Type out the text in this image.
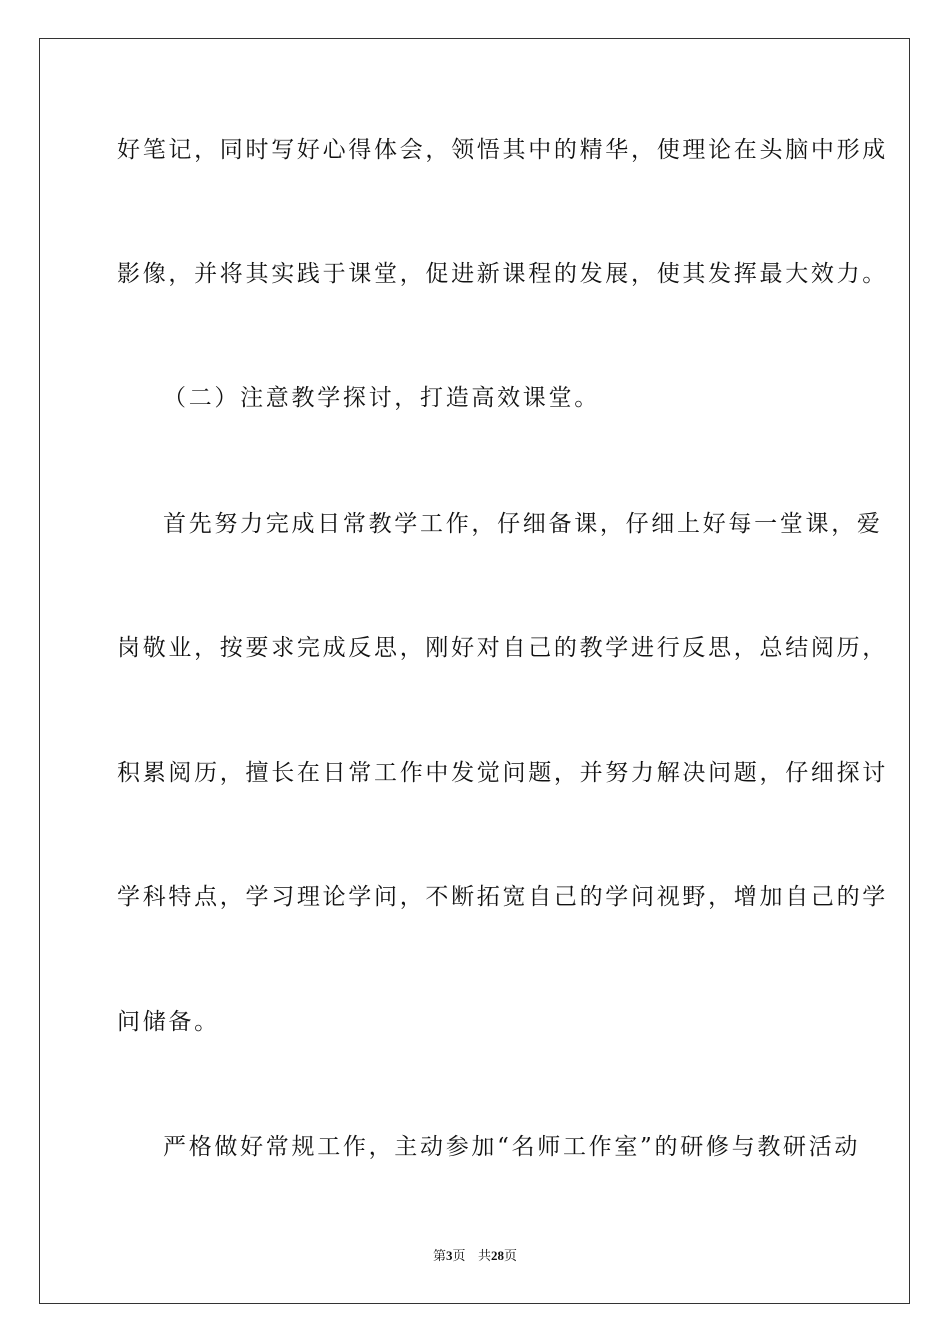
好笔记，同时写好心得体会，领悟其中的精华，使理论在头脑中形成
影像，并将其实践于课堂，促进新课程的发展，使其发挥最大效力。
（二）注意教学探讨，打造高效课堂。
首先努力完成日常教学工作，仔细备课，仔细上好每一堂课，爱
岗敬业，按要求完成反思，刚好对自己的教学进行反思，总结阅历，
积累阅历，擅长在日常工作中发觉问题，并努力解决问题，仔细探讨
学科特点，学习理论学问，不断拓宽自己的学问视野，增加自己的学
问储备。
严格做好常规工作，主动参加“名师工作室”的研修与教研活动
第3页 共28页
